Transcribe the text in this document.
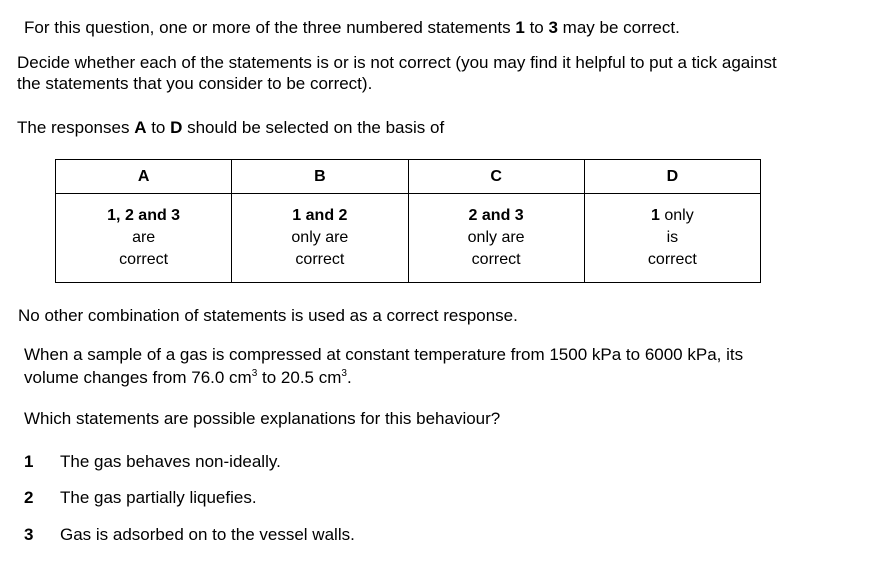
For this question, one or more of the three numbered statements 1 to 3 may be correct.
Decide whether each of the statements is or is not correct (you may find it helpful to put a tick against
the statements that you consider to be correct).
The responses A to D should be selected on the basis of
A	B	C	D

1, 2 and 3
are
correct	1 and 2
only are
correct	2 and 3
only are
correct	1 only
is
correct
No other combination of statements is used as a correct response.
When a sample of a gas is compressed at constant temperature from 1500 kPa to 6000 kPa, its
volume changes from 76.0 $cm^3$ to 20.5 $cm^3$.
Which statements are possible explanations for this behaviour?
1 The gas behaves non-ideally.
2 The gas partially liquefies.
3 Gas is adsorbed on to the vessel walls.
